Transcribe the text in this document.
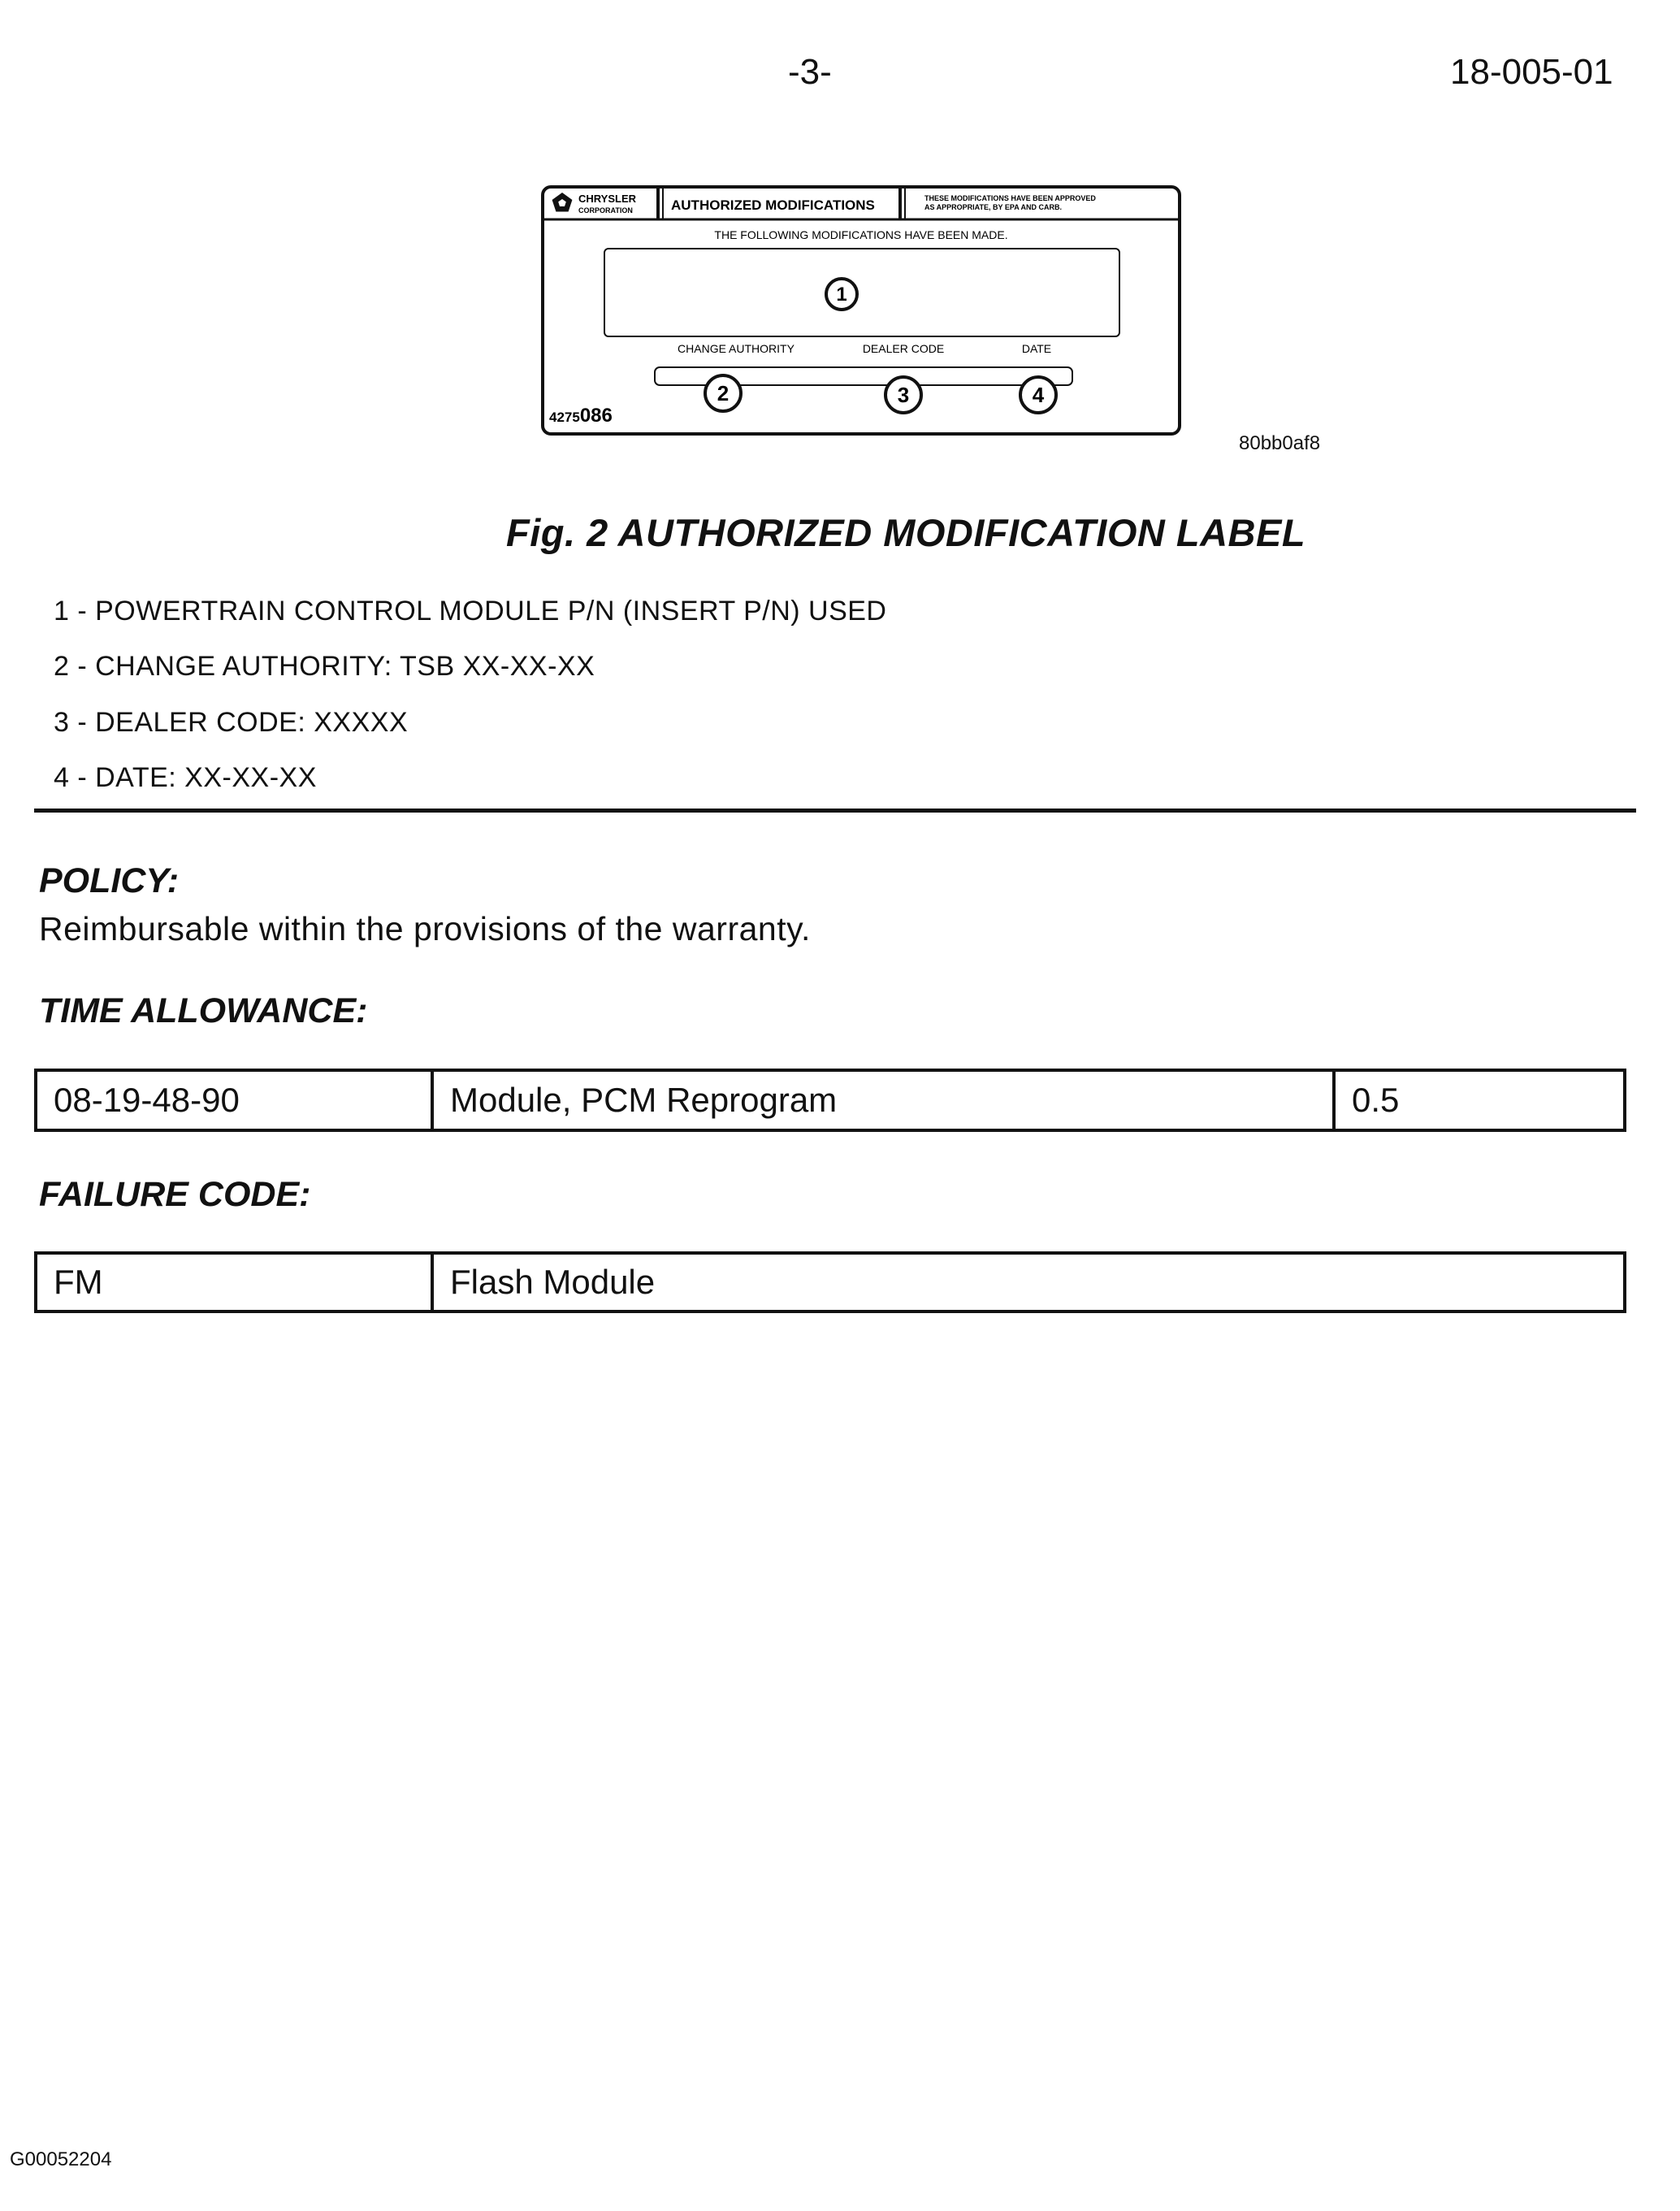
-3-	18-005-01
CHRYSLER
CORPORATION	AUTHORIZED MODIFICATIONS	THESE MODIFICATIONS HAVE BEEN APPROVED
AS APPROPRIATE, BY EPA AND CARB.
THE FOLLOWING MODIFICATIONS HAVE BEEN MADE.
1
CHANGE AUTHORITY	DEALER CODE	DATE
2	3	4
4275086
80bb0af8
Fig. 2 AUTHORIZED MODIFICATION LABEL
1 - POWERTRAIN CONTROL MODULE P/N (INSERT P/N) USED
2 - CHANGE AUTHORITY: TSB XX-XX-XX
3 - DEALER CODE: XXXXX
4 - DATE: XX-XX-XX
POLICY:
Reimbursable within the provisions of the warranty.
TIME ALLOWANCE:
08-19-48-90	Module, PCM Reprogram	0.5
FAILURE CODE:
FM	Flash Module
G00052204
